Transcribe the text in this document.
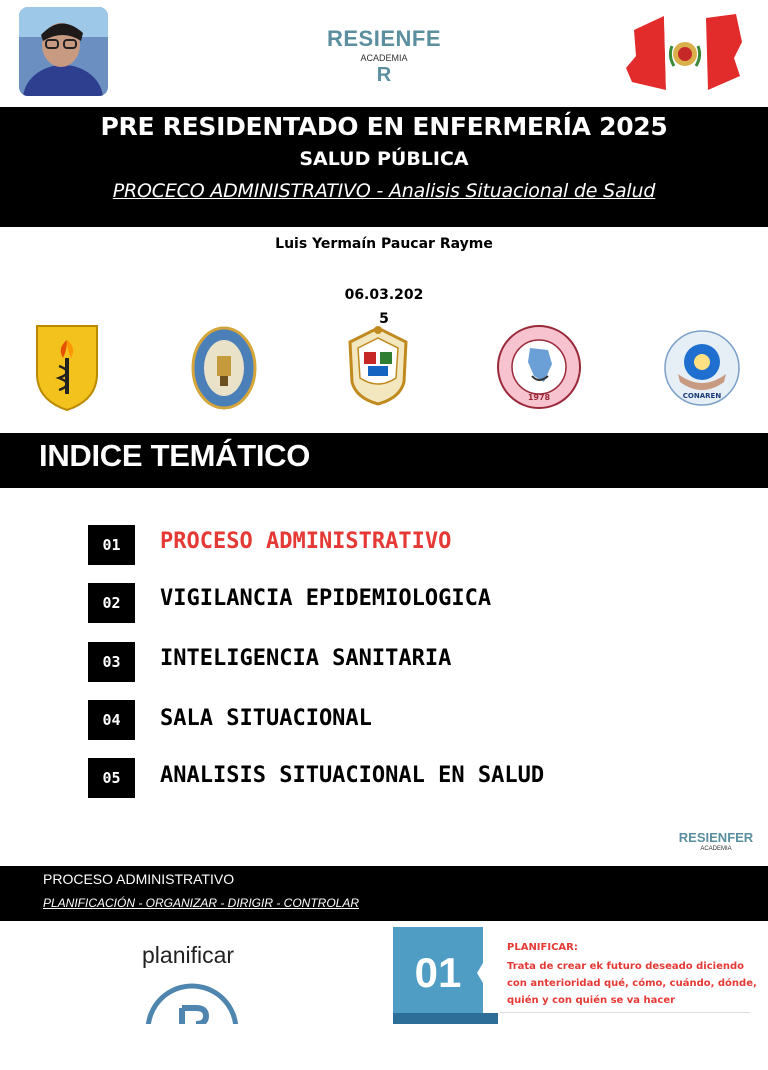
RESIENFE
ACADEMIA
R
PRE RESIDENTADO EN ENFERMERÍA 2025
SALUD PÚBLICA
PROCECO ADMINISTRATIVO - Analisis Situacional de Salud
Luis Yermaín Paucar Rayme
06.03.202
5
1978	CONAREN
INDICE TEMÁTICO
01	PROCESO ADMINISTRATIVO
02	VIGILANCIA EPIDEMIOLOGICA
03	INTELIGENCIA SANITARIA
04	SALA SITUACIONAL
05	ANALISIS SITUACIONAL EN SALUD
RESIENFER
ACADEMIA
PROCESO ADMINISTRATIVO
PLANIFICACIÓN - ORGANIZAR - DIRIGIR - CONTROLAR
planificar	01
PLANIFICAR:
Trata de crear ek futuro deseado diciendo con anterioridad qué, cómo, cuándo, dónde, quién y con quién se va hacer
